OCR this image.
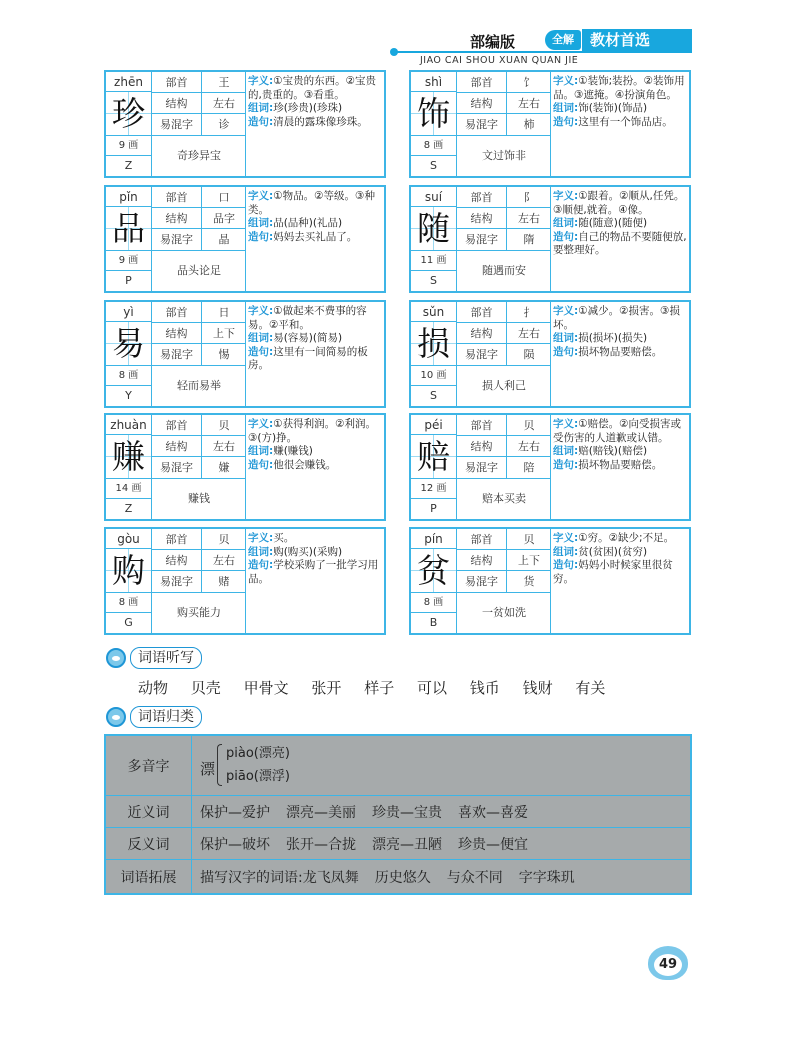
部编版	全解	教材首选
JIAO CAI SHOU XUAN QUAN JIE
zhēn
珍
9 画
Z
部首	王
结构	左右
易混字	诊
奇珍异宝

字义:①宝贵的东西。②宝贵的,贵重的。③看重。

组词:珍(珍贵)(珍珠)

造句:清晨的露珠像珍珠。

shì
饰
8 画
S
部首	饣
结构	左右
易混字	柿
文过饰非

字义:①装饰;装扮。②装饰用品。③遮掩。④扮演角色。

组词:饰(装饰)(饰品)

造句:这里有一个饰品店。

pǐn
品
9 画
P
部首	口
结构	品字
易混字	晶
品头论足

字义:①物品。②等级。③种类。

组词:品(品种)(礼品)

造句:妈妈去买礼品了。

suí
随
11 画
S
部首	阝
结构	左右
易混字	隋
随遇而安

字义:①跟着。②顺从,任凭。③顺便,就着。④像。

组词:随(随意)(随便)

造句:自己的物品不要随便放,要整理好。

yì
易
8 画
Y
部首	日
结构	上下
易混字	惕
轻而易举

字义:①做起来不费事的容易。②平和。

组词:易(容易)(简易)

造句:这里有一间简易的板房。

sǔn
损
10 画
S
部首	扌
结构	左右
易混字	陨
损人利己

字义:①减少。②损害。③损坏。

组词:损(损坏)(损失)

造句:损坏物品要赔偿。

zhuàn
赚
14 画
Z
部首	贝
结构	左右
易混字	嫌
赚钱

字义:①获得利润。②利润。③(方)挣。

组词:赚(赚钱)

造句:他很会赚钱。

péi
赔
12 画
P
部首	贝
结构	左右
易混字	陪
赔本买卖

字义:①赔偿。②向受损害或受伤害的人道歉或认错。

组词:赔(赔钱)(赔偿)

造句:损坏物品要赔偿。

gòu
购
8 画
G
部首	贝
结构	左右
易混字	赌
购买能力

字义:买。

组词:购(购买)(采购)

造句:学校采购了一批学习用品。

pín
贫
8 画
B
部首	贝
结构	上下
易混字	货
一贫如洗

字义:①穷。②缺少;不足。

组词:贫(贫困)(贫穷)

造句:妈妈小时候家里很贫穷。

词语听写
动物 贝壳 甲骨文 张开 样子 可以 钱币 钱财 有关
词语归类
多音字	漂
piào(漂亮)
piāo(漂浮)
近义词	保护—爱护 漂亮—美丽 珍贵—宝贵 喜欢—喜爱
反义词	保护—破坏 张开—合拢 漂亮—丑陋 珍贵—便宜
词语拓展	描写汉字的词语:龙飞凤舞 历史悠久 与众不同 字字珠玑
49
